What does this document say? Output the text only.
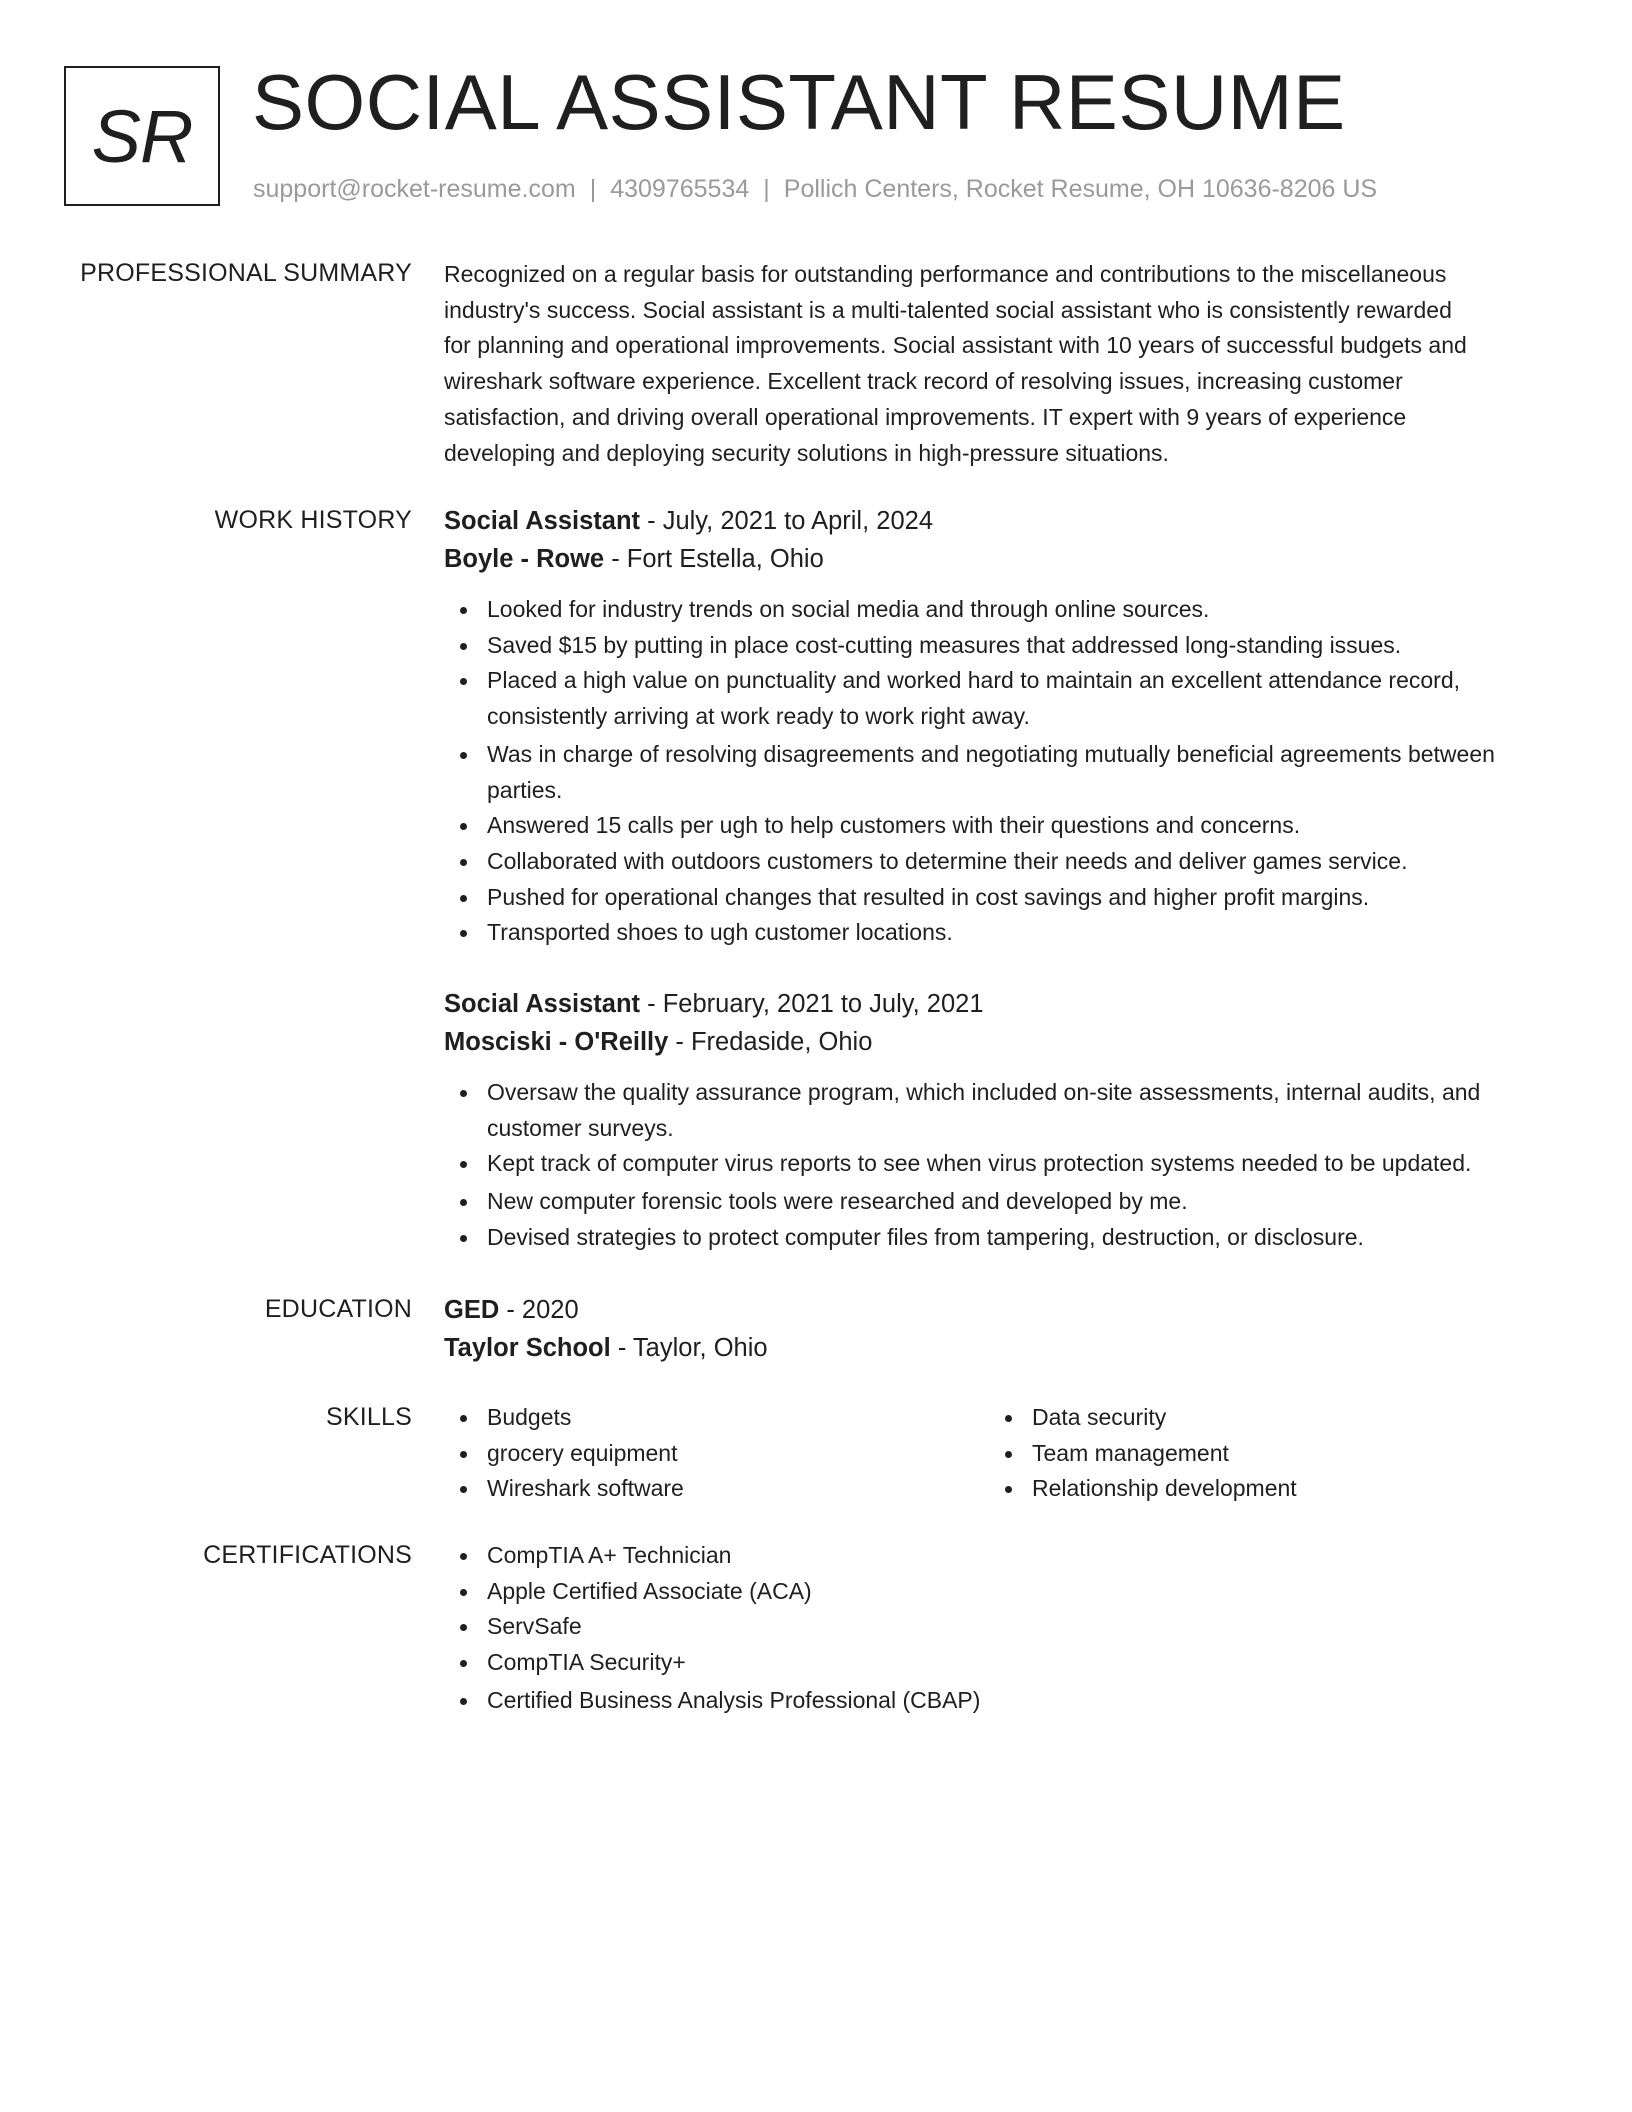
SR SOCIAL ASSISTANT RESUME
support@rocket-resume.com | 4309765534 | Pollich Centers, Rocket Resume, OH 10636-8206 US
PROFESSIONAL SUMMARY Recognized on a regular basis for outstanding performance and contributions to the miscellaneous

industry's success. Social assistant is a multi-talented social assistant who is consistently rewarded

for planning and operational improvements. Social assistant with 10 years of successful budgets and

wireshark software experience. Excellent track record of resolving issues, increasing customer

satisfaction, and driving overall operational improvements. IT expert with 9 years of experience

developing and deploying security solutions in high-pressure situations.

WORK HISTORY Social Assistant - July, 2021 to April, 2024

Boyle - Rowe - Fort Estella, Ohio

Looked for industry trends on social media and through online sources.
Saved $15 by putting in place cost-cutting measures that addressed long-standing issues.
Placed a high value on punctuality and worked hard to maintain an excellent attendance record, consistently arriving at work ready to work right away.
Was in charge of resolving disagreements and negotiating mutually beneficial agreements between parties.
Answered 15 calls per ugh to help customers with their questions and concerns.
Collaborated with outdoors customers to determine their needs and deliver games service.
Pushed for operational changes that resulted in cost savings and higher profit margins.
Transported shoes to ugh customer locations.

Social Assistant - February, 2021 to July, 2021

Mosciski - O'Reilly - Fredaside, Ohio

Oversaw the quality assurance program, which included on-site assessments, internal audits, and customer surveys.
Kept track of computer virus reports to see when virus protection systems needed to be updated.
New computer forensic tools were researched and developed by me.
Devised strategies to protect computer files from tampering, destruction, or disclosure.
EDUCATION GED - 2020

Taylor School - Taylor, Ohio

SKILLS	Budgets	Data security
grocery equipment	Team management
Wireshark software	Relationship development
CERTIFICATIONS	CompTIA A+ Technician
Apple Certified Associate (ACA)
ServSafe
CompTIA Security+
Certified Business Analysis Professional (CBAP)
